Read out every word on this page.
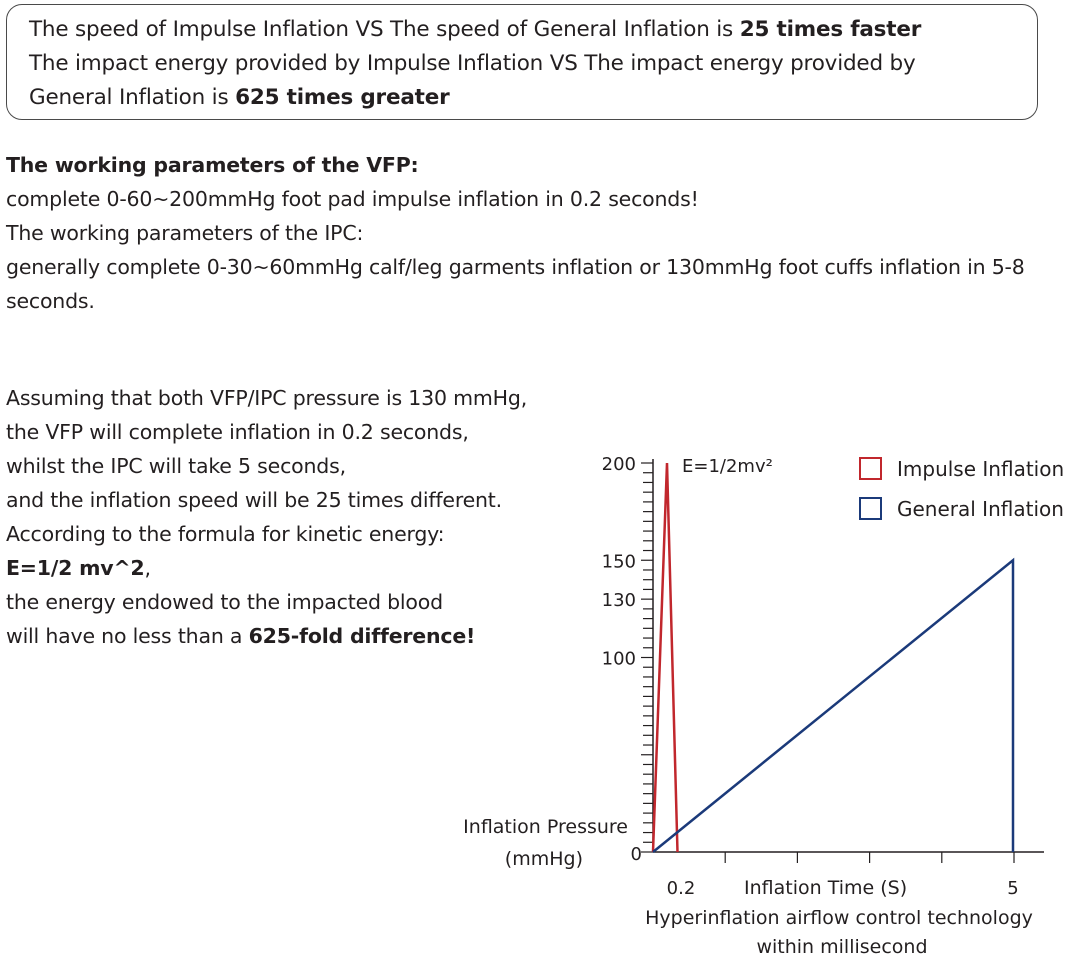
The speed of Impulse Inflation VS The speed of General Inflation is 25 times faster

The impact energy provided by Impulse Inflation VS The impact energy provided by

General Inflation is 625 times greater

The working parameters of the VFP:

complete 0-60~200mmHg foot pad impulse inflation in 0.2 seconds!

The working parameters of the IPC:

generally complete 0-30~60mmHg calf/leg garments inflation or 130mmHg foot cuffs inflation in 5-8 seconds.

Assuming that both VFP/IPC pressure is 130 mmHg,

the VFP will complete inflation in 0.2 seconds,

whilst the IPC will take 5 seconds,

and the inflation speed will be 25 times different.

According to the formula for kinetic energy:

E=1/2 mv^2,

the energy endowed to the impacted blood

will have no less than a 625-fold difference!

200
150
130
100
0
0.2	5
E=1/2mv²
Inflation Pressure
(mmHg)
Inflation Time (S)
Hyperinflation airflow control technology
within millisecond
Impulse Inflation
General Inflation
